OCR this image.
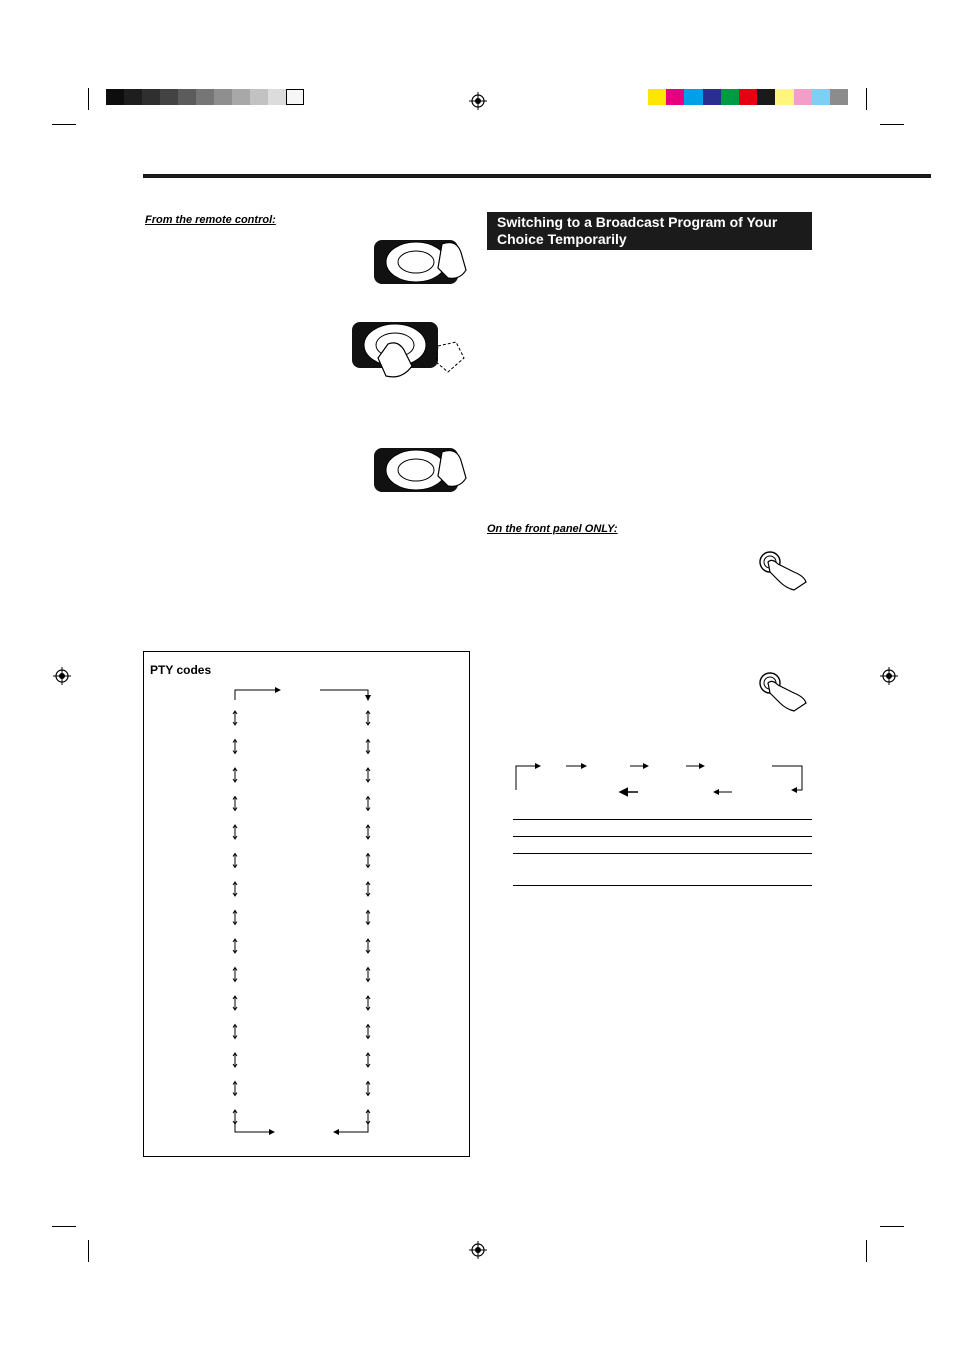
From the remote control:
PTY codes
Switching to a Broadcast Program of Your Choice Temporarily
On the front panel ONLY:
